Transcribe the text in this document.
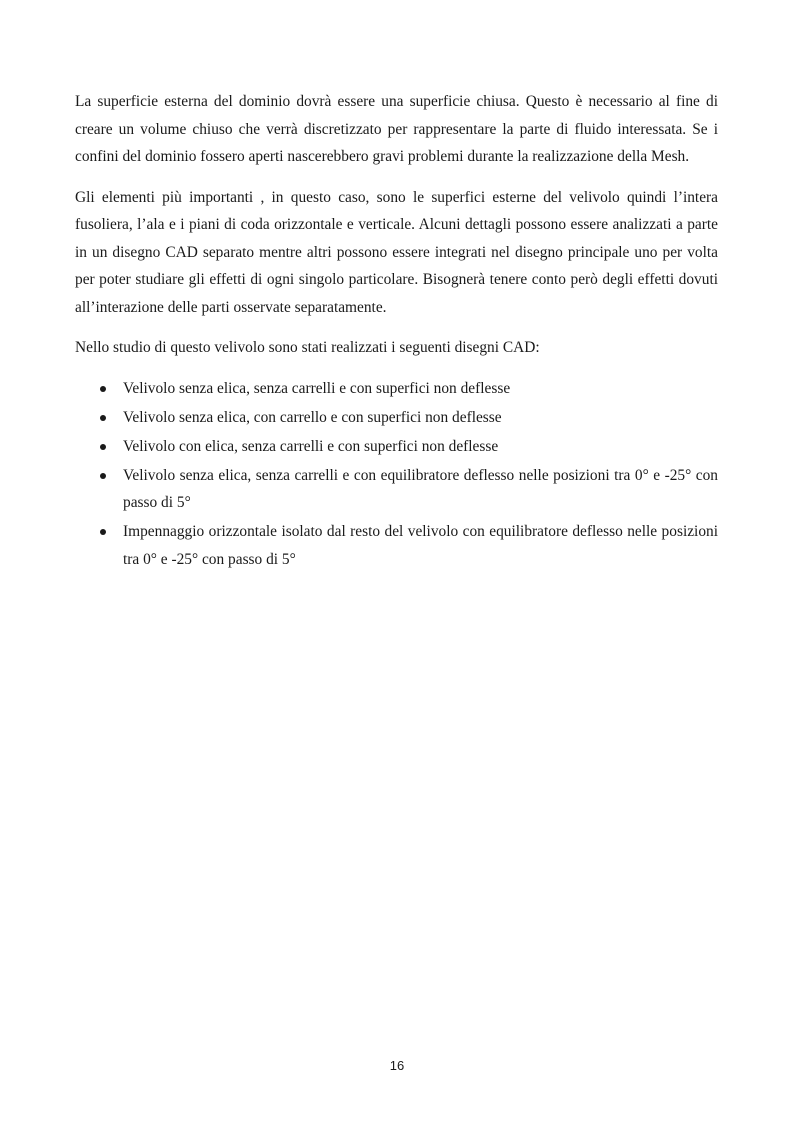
La superficie esterna del dominio dovrà essere una superficie chiusa. Questo è necessario al fine di creare un volume chiuso che verrà discretizzato per rappresentare la parte di fluido interessata. Se i confini del dominio fossero aperti nascerebbero gravi problemi durante la realizzazione della Mesh.

Gli elementi più importanti , in questo caso, sono le superfici esterne del velivolo quindi l’intera fusoliera, l’ala e i piani di coda orizzontale e verticale. Alcuni dettagli possono essere analizzati a parte in un disegno CAD separato mentre altri possono essere integrati nel disegno principale uno per volta per poter studiare gli effetti di ogni singolo particolare. Bisognerà tenere conto però degli effetti dovuti all’interazione delle parti osservate separatamente.

Nello studio di questo velivolo sono stati realizzati i seguenti disegni CAD:

Velivolo senza elica, senza carrelli e con superfici non deflesse
Velivolo senza elica, con carrello e con superfici non deflesse
Velivolo con elica, senza carrelli e con superfici non deflesse
Velivolo senza elica, senza carrelli e con equilibratore deflesso nelle posizioni tra 0° e -25° con passo di 5°
Impennaggio orizzontale isolato dal resto del velivolo con equilibratore deflesso nelle posizioni tra 0° e -25° con passo di 5°
16
